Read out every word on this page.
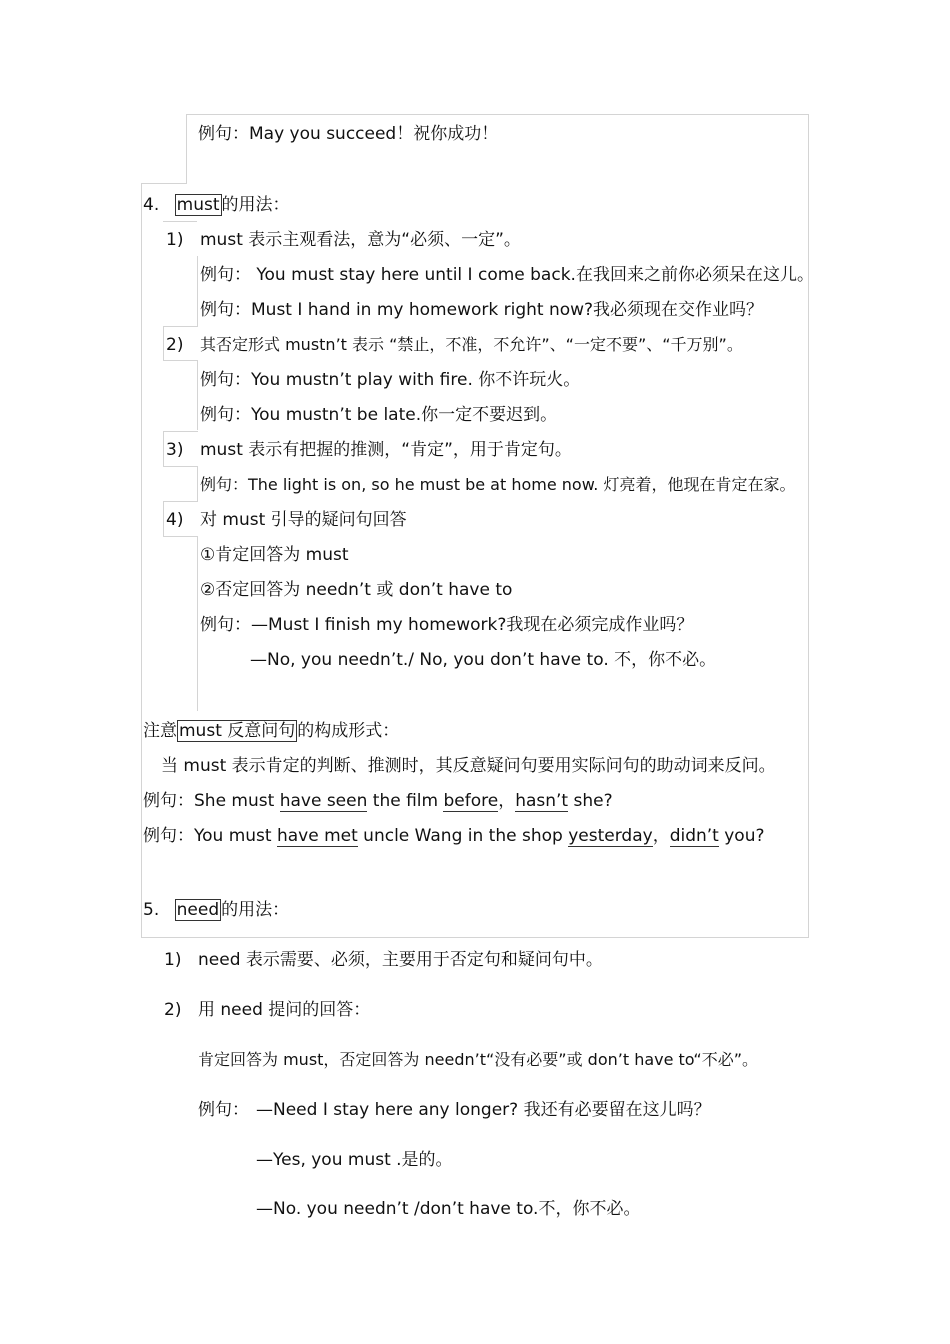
例句：May you succeed！祝你成功！
4. must 的用法：
1) must 表示主观看法，意为“必须、一定”。
例句： You must stay here until I come back.在我回来之前你必须呆在这儿。
例句：Must I hand in my homework right now?我必须现在交作业吗？
2) 其否定形式 mustn’t 表示 “禁止，不准，不允许”、“一定不要”、“千万别”。
例句：You mustn’t play with fire. 你不许玩火。
例句：You mustn’t be late.你一定不要迟到。
3) must 表示有把握的推测，“肯定”，用于肯定句。
例句：The light is on, so he must be at home now. 灯亮着，他现在肯定在家。
4) 对 must 引导的疑问句回答
①肯定回答为 must
②否定回答为 needn’t 或 don’t have to
例句：—Must I finish my homework?我现在必须完成作业吗？
—No, you needn’t./ No, you don’t have to. 不，你不必。
注意 must 反意问句 的构成形式：
当 must 表示肯定的判断、推测时，其反意疑问句要用实际问句的助动词来反问。
例句：She must have seen the film before，hasn’t she?
例句：You must have met uncle Wang in the shop yesterday，didn’t you?
5. need 的用法：
1) need 表示需要、必须，主要用于否定句和疑问句中。
2) 用 need 提问的回答：
肯定回答为 must，否定回答为 needn’t“没有必要”或 don’t have to“不必”。
例句： —Need I stay here any longer? 我还有必要留在这儿吗？
—Yes, you must .是的。
—No. you needn’t /don’t have to.不，你不必。
